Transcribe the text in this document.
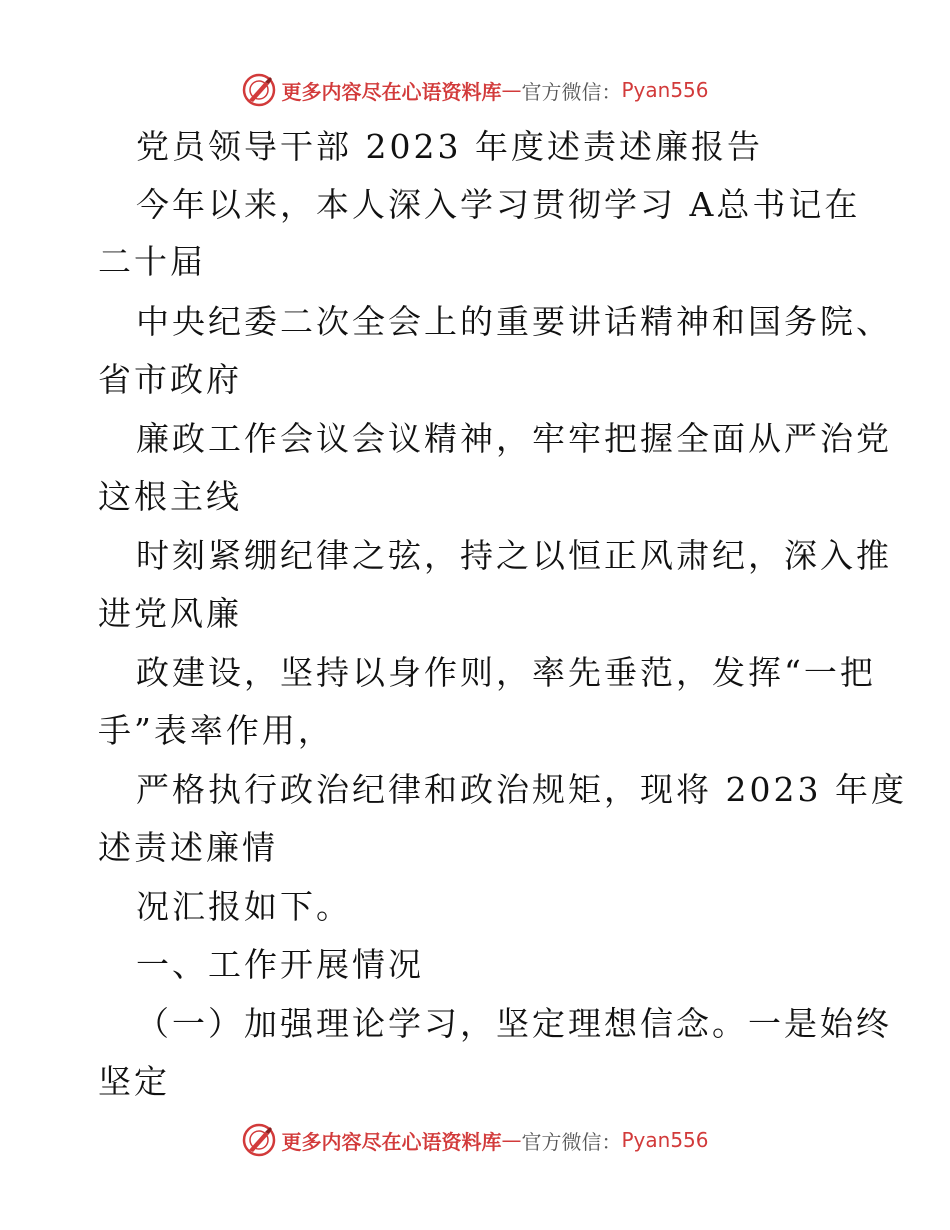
更多内容尽在心语资料库 — 官方微信： Pyan556
党员领导干部 2023 年度述责述廉报告
今年以来，本人深入学习贯彻学习 A总书记在
二十届
中央纪委二次全会上的重要讲话精神和国务院、
省市政府
廉政工作会议会议精神，牢牢把握全面从严治党
这根主线
时刻紧绷纪律之弦，持之以恒正风肃纪，深入推
进党风廉
政建设，坚持以身作则，率先垂范，发挥“一把
手”表率作用，
严格执行政治纪律和政治规矩，现将 2023 年度
述责述廉情
况汇报如下。
一、工作开展情况
（一）加强理论学习，坚定理想信念。一是始终
坚定
更多内容尽在心语资料库 — 官方微信： Pyan556
